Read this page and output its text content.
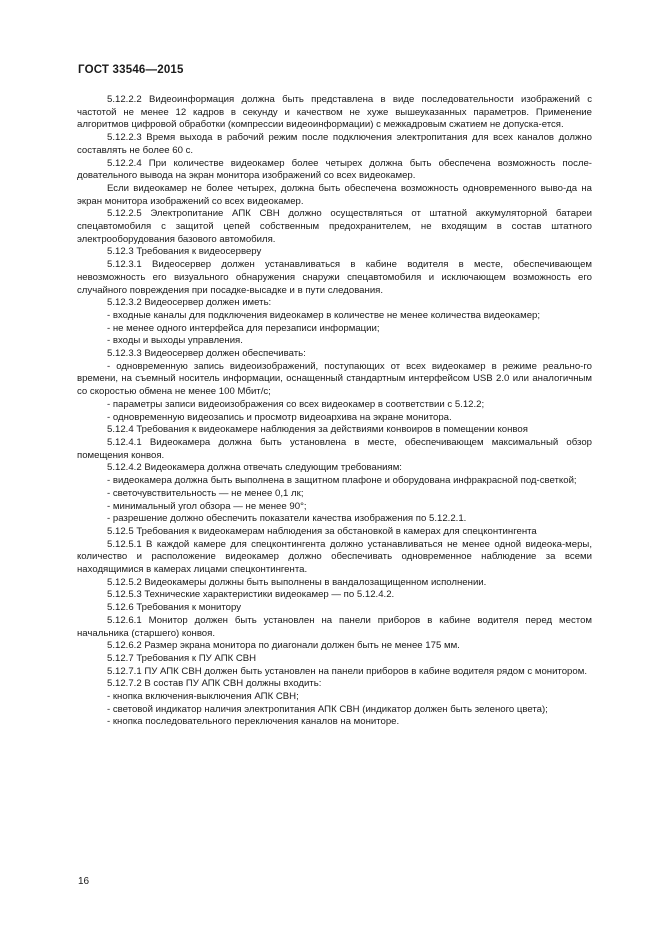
ГОСТ 33546—2015

5.12.2.2 Видеоинформация должна быть представлена в виде последовательности изображений с частотой не менее 12 кадров в секунду и качеством не хуже вышеуказанных параметров. Применение алгоритмов цифровой обработки (компрессии видеоинформации) с межкадровым сжатием не допуска-ется.

5.12.2.3 Время выхода в рабочий режим после подключения электропитания для всех каналов должно составлять не более 60 с.

5.12.2.4 При количестве видеокамер более четырех должна быть обеспечена возможность после-довательного вывода на экран монитора изображений со всех видеокамер.

Если видеокамер не более четырех, должна быть обеспечена возможность одновременного выво-да на экран монитора изображений со всех видеокамер.

5.12.2.5 Электропитание АПК СВН должно осуществляться от штатной аккумуляторной батареи спецавтомобиля с защитой цепей собственным предохранителем, не входящим в состав штатного электрооборудования базового автомобиля.

5.12.3 Требования к видеосерверу

5.12.3.1 Видеосервер должен устанавливаться в кабине водителя в месте, обеспечивающем невозможность его визуального обнаружения снаружи спецавтомобиля и исключающем возможность его случайного повреждения при посадке-высадке и в пути следования.

5.12.3.2 Видеосервер должен иметь:

- входные каналы для подключения видеокамер в количестве не менее количества видеокамер;

- не менее одного интерфейса для перезаписи информации;

- входы и выходы управления.

5.12.3.3 Видеосервер должен обеспечивать:

- одновременную запись видеоизображений, поступающих от всех видеокамер в режиме реально-го времени, на съемный носитель информации, оснащенный стандартным интерфейсом USB 2.0 или аналогичным со скоростью обмена не менее 100 Мбит/с;

- параметры записи видеоизображения со всех видеокамер в соответствии с 5.12.2;

- одновременную видеозапись и просмотр видеоархива на экране монитора.

5.12.4 Требования к видеокамере наблюдения за действиями конвоиров в помещении конвоя

5.12.4.1 Видеокамера должна быть установлена в месте, обеспечивающем максимальный обзор помещения конвоя.

5.12.4.2 Видеокамера должна отвечать следующим требованиям:

- видеокамера должна быть выполнена в защитном плафоне и оборудована инфракрасной под-светкой;

- светочувствительность — не менее 0,1 лк;

- минимальный угол обзора — не менее 90°;

- разрешение должно обеспечить показатели качества изображения по 5.12.2.1.

5.12.5 Требования к видеокамерам наблюдения за обстановкой в камерах для спецконтингента

5.12.5.1 В каждой камере для спецконтингента должно устанавливаться не менее одной видеока-меры, количество и расположение видеокамер должно обеспечивать одновременное наблюдение за всеми находящимися в камерах лицами спецконтингента.

5.12.5.2 Видеокамеры должны быть выполнены в вандалозащищенном исполнении.

5.12.5.3 Технические характеристики видеокамер — по 5.12.4.2.

5.12.6 Требования к монитору

5.12.6.1 Монитор должен быть установлен на панели приборов в кабине водителя перед местом начальника (старшего) конвоя.

5.12.6.2 Размер экрана монитора по диагонали должен быть не менее 175 мм.

5.12.7 Требования к ПУ АПК СВН

5.12.7.1 ПУ АПК СВН должен быть установлен на панели приборов в кабине водителя рядом с монитором.

5.12.7.2 В состав ПУ АПК СВН должны входить:

- кнопка включения-выключения АПК СВН;

- световой индикатор наличия электропитания АПК СВН (индикатор должен быть зеленого цвета);

- кнопка последовательного переключения каналов на мониторе.

16
